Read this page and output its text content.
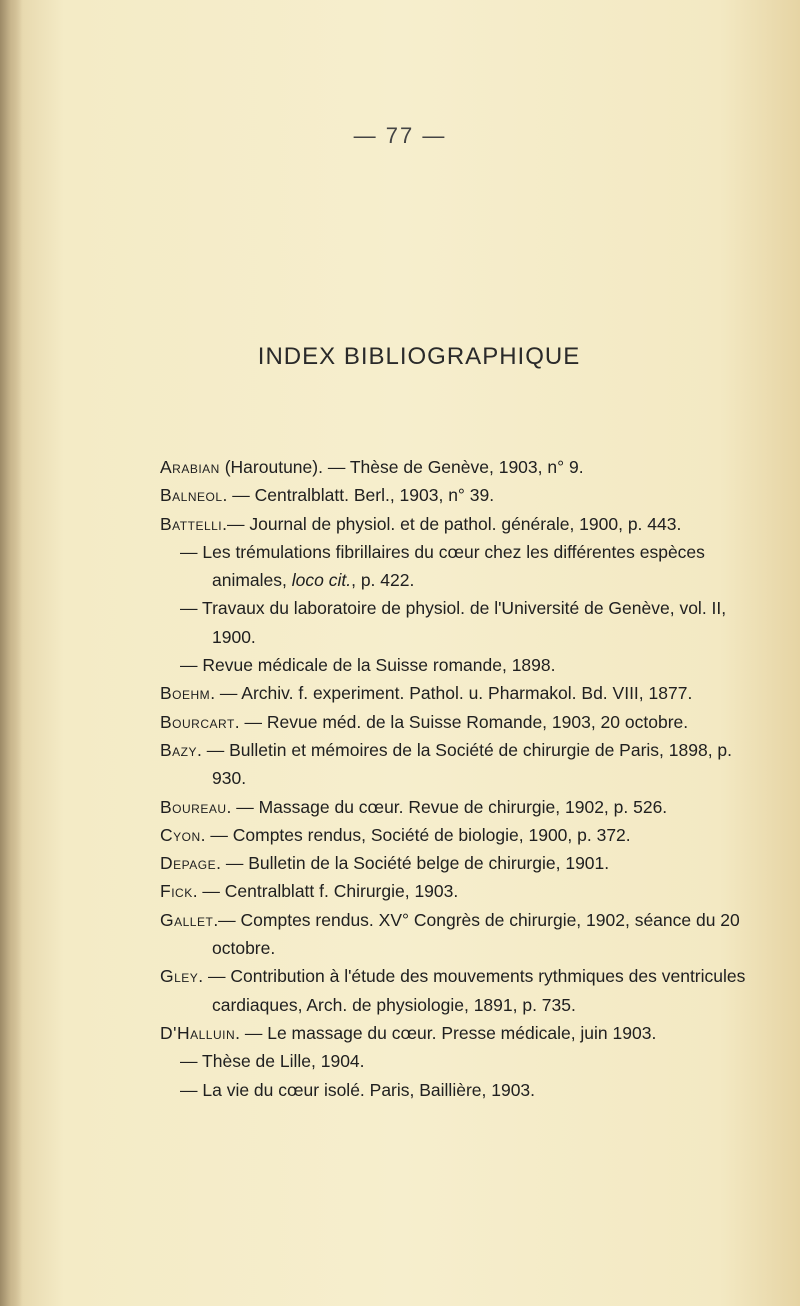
— 77 —
INDEX BIBLIOGRAPHIQUE

Arabian (Haroutune). — Thèse de Genève, 1903, n° 9.

Balneol. — Centralblatt. Berl., 1903, n° 39.

Battelli.— Journal de physiol. et de pathol. générale, 1900, p. 443.

— Les trémulations fibrillaires du cœur chez les différentes espèces animales, loco cit., p. 422.

— Travaux du laboratoire de physiol. de l'Université de Genève, vol. II, 1900.

— Revue médicale de la Suisse romande, 1898.

Boehm. — Archiv. f. experiment. Pathol. u. Pharmakol. Bd. VIII, 1877.

Bourcart. — Revue méd. de la Suisse Romande, 1903, 20 octobre.

Bazy. — Bulletin et mémoires de la Société de chirurgie de Paris, 1898, p. 930.

Boureau. — Massage du cœur. Revue de chirurgie, 1902, p. 526.

Cyon. — Comptes rendus, Société de biologie, 1900, p. 372.

Depage. — Bulletin de la Société belge de chirurgie, 1901.

Fick. — Centralblatt f. Chirurgie, 1903.

Gallet.— Comptes rendus. XV° Congrès de chirurgie, 1902, séance du 20 octobre.

Gley. — Contribution à l'étude des mouvements rythmiques des ventricules cardiaques, Arch. de physiologie, 1891, p. 735.

D'Halluin. — Le massage du cœur. Presse médicale, juin 1903.

— Thèse de Lille, 1904.

— La vie du cœur isolé. Paris, Baillière, 1903.
